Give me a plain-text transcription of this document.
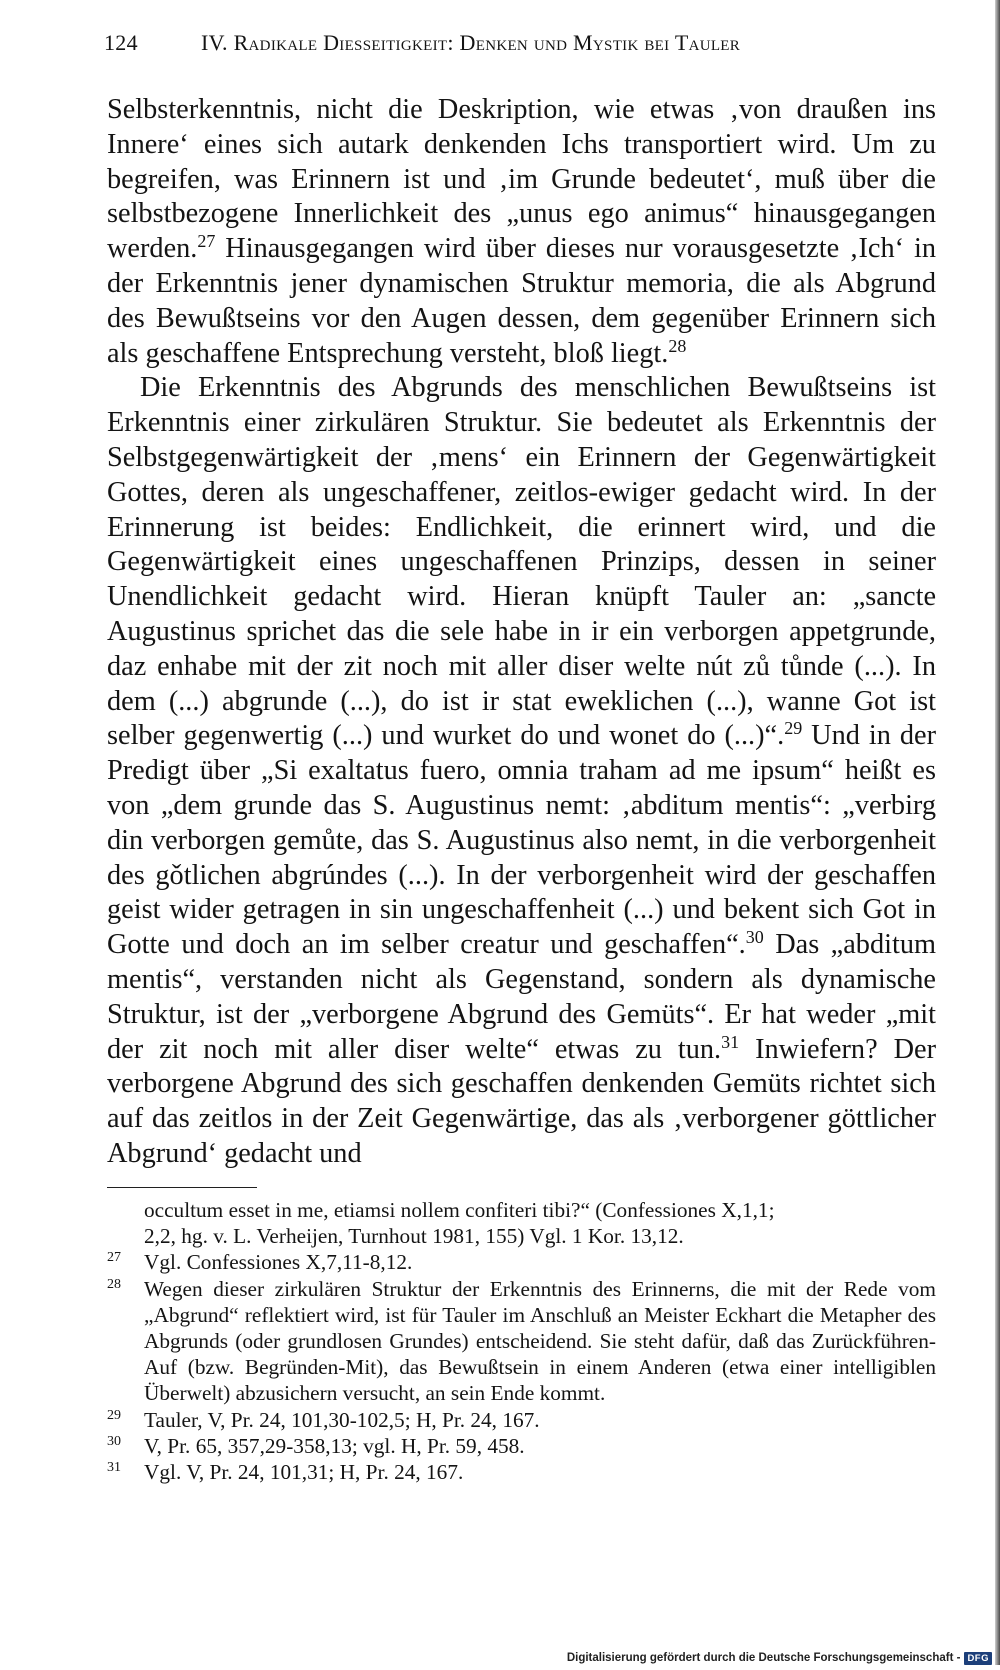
124	IV. Radikale Diesseitigkeit: Denken und Mystik bei Tauler

Selbsterkenntnis, nicht die Deskription, wie etwas ‚von draußen ins Innere‘ eines sich autark denkenden Ichs transportiert wird. Um zu begreifen, was Erinnern ist und ‚im Grunde bedeutet‘, muß über die selbstbezogene Innerlichkeit des „unus ego animus“ hinausgegangen werden.$^{27}$ Hinausgegangen wird über dieses nur vorausgesetzte ‚Ich‘ in der Erkenntnis jener dynamischen Struktur memoria, die als Abgrund des Bewußtseins vor den Augen dessen, dem gegenüber Erinnern sich als geschaffene Entsprechung versteht, bloß liegt.$^{28}$

Die Erkenntnis des Abgrunds des menschlichen Bewußtseins ist Erkenntnis einer zirkulären Struktur. Sie bedeutet als Erkenntnis der Selbstgegenwärtigkeit der ‚mens‘ ein Erinnern der Gegenwärtigkeit Gottes, deren als ungeschaffener, zeitlos-ewiger gedacht wird. In der Erinnerung ist beides: Endlichkeit, die erinnert wird, und die Gegenwärtigkeit eines ungeschaffenen Prinzips, dessen in seiner Unendlichkeit gedacht wird. Hieran knüpft Tauler an: „sancte Augustinus sprichet das die sele habe in ir ein verborgen appetgrunde, daz enhabe mit der zit noch mit aller diser welte nút zů tůnde (...). In dem (...) abgrunde (...), do ist ir stat eweklichen (...), wanne Got ist selber gegenwertig (...) und wurket do und wonet do (...)“.$^{29}$ Und in der Predigt über „Si exaltatus fuero, omnia traham ad me ipsum“ heißt es von „dem grunde das S. Augustinus nemt: ‚abditum mentis“: „verbirg din verborgen gemůte, das S. Augustinus also nemt, in die verborgenheit des gǒtlichen abgrúndes (...). In der verborgenheit wird der geschaffen geist wider getragen in sin ungeschaffenheit (...) und bekent sich Got in Gotte und doch an im selber creatur und geschaffen“.$^{30}$ Das „abditum mentis“, verstanden nicht als Gegenstand, sondern als dynamische Struktur, ist der „verborgene Abgrund des Gemüts“. Er hat weder „mit der zit noch mit aller diser welte“ etwas zu tun.$^{31}$ Inwiefern? Der verborgene Abgrund des sich geschaffen denkenden Gemüts richtet sich auf das zeitlos in der Zeit Gegenwärtige, das als ‚verborgener göttlicher Abgrund‘ gedacht und

occultum esset in me, etiamsi nollem confiteri tibi?“ (Confessiones X,1,1;
2,2, hg. v. L. Verheijen, Turnhout 1981, 155) Vgl. 1 Kor. 13,12.
27 Vgl. Confessiones X,7,11-8,12.
28 Wegen dieser zirkulären Struktur der Erkenntnis des Erinnerns, die mit der Rede vom „Abgrund“ reflektiert wird, ist für Tauler im Anschluß an Meister Eckhart die Metapher des Abgrunds (oder grundlosen Grundes) entscheidend. Sie steht dafür, daß das Zurückführen-Auf (bzw. Begründen-Mit), das Bewußtsein in einem Anderen (etwa einer intelligiblen Überwelt) abzusichern versucht, an sein Ende kommt.
29 Tauler, V, Pr. 24, 101,30-102,5; H, Pr. 24, 167.
30 V, Pr. 65, 357,29-358,13; vgl. H, Pr. 59, 458.
31 Vgl. V, Pr. 24, 101,31; H, Pr. 24, 167.
Digitalisierung gefördert durch die Deutsche Forschungsgemeinschaft - DFG
